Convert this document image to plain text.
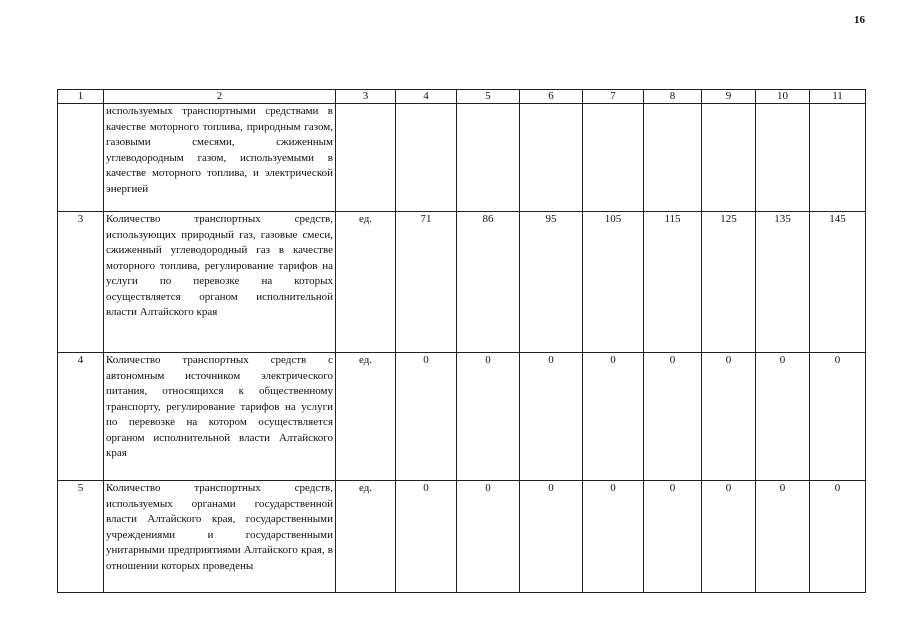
16
1	2	3	4	5	6	7	8	9	10	11
	используемых транспортными средствами в качестве моторного топлива, природным газом, газовыми смесями, сжиженным углеводородным газом, используемыми в качестве моторного топлива, и электрической энергией									
3	Количество транспортных средств, использующих природный газ, газовые смеси, сжиженный углеводородный газ в качестве моторного топлива, регулирование тарифов на услуги по перевозке на которых осуществляется органом исполнительной власти Алтайского края	ед.	71	86	95	105	115	125	135	145
4	Количество транспортных средств с автономным источником электрического питания, относящихся к общественному транспорту, регулирование тарифов на услуги по перевозке на котором осуществляется органом исполнительной власти Алтайского края	ед.	0	0	0	0	0	0	0	0
5	Количество транспортных средств, используемых органами государственной власти Алтайского края, государственными учреждениями и государственными унитарными предприятиями Алтайского края, в отношении которых проведены	ед.	0	0	0	0	0	0	0	0
